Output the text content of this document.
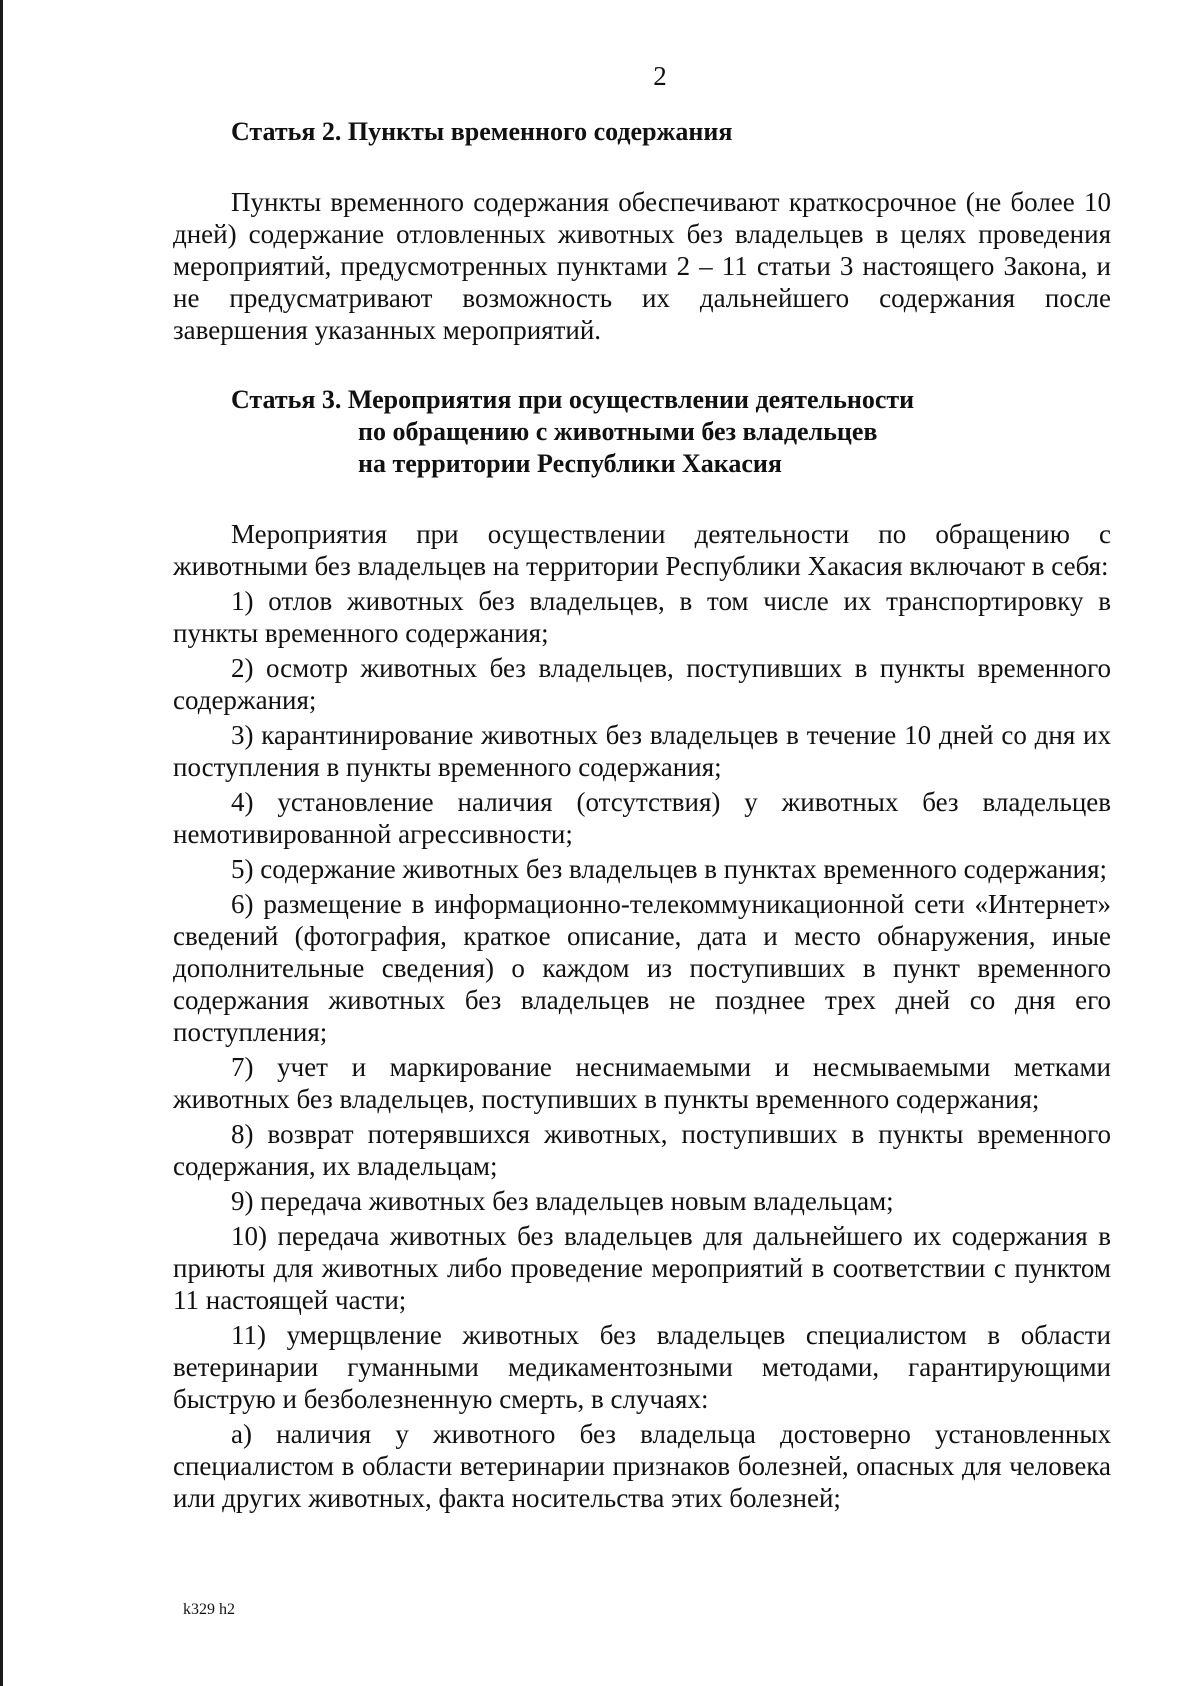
2
Статья 2. Пункты временного содержания

Пункты временного содержания обеспечивают краткосрочное (не более 10 дней) содержание отловленных животных без владельцев в целях проведения мероприятий, предусмотренных пунктами 2 – 11 статьи 3 настоящего Закона, и не предусматривают возможность их дальнейшего содержания после завершения указанных мероприятий.

Статья 3. Мероприятия при осуществлении деятельности
по обращению с животными без владельцев
на территории Республики Хакасия

Мероприятия при осуществлении деятельности по обращению с животными без владельцев на территории Республики Хакасия включают в себя:

1) отлов животных без владельцев, в том числе их транспортировку в пункты временного содержания;

2) осмотр животных без владельцев, поступивших в пункты временного содержания;

3) карантинирование животных без владельцев в течение 10 дней со дня их поступления в пункты временного содержания;

4) установление наличия (отсутствия) у животных без владельцев немотивированной агрессивности;

5) содержание животных без владельцев в пунктах временного содержания;

6) размещение в информационно-телекоммуникационной сети «Интернет» сведений (фотография, краткое описание, дата и место обнаружения, иные дополнительные сведения) о каждом из поступивших в пункт временного содержания животных без владельцев не позднее трех дней со дня его поступления;

7) учет и маркирование неснимаемыми и несмываемыми метками животных без владельцев, поступивших в пункты временного содержания;

8) возврат потерявшихся животных, поступивших в пункты временного содержания, их владельцам;

9) передача животных без владельцев новым владельцам;

10) передача животных без владельцев для дальнейшего их содержания в приюты для животных либо проведение мероприятий в соответствии с пунктом 11 настоящей части;

11) умерщвление животных без владельцев специалистом в области ветеринарии гуманными медикаментозными методами, гарантирующими быструю и безболезненную смерть, в случаях:

а) наличия у животного без владельца достоверно установленных специалистом в области ветеринарии признаков болезней, опасных для человека или других животных, факта носительства этих болезней;

k329 h2
